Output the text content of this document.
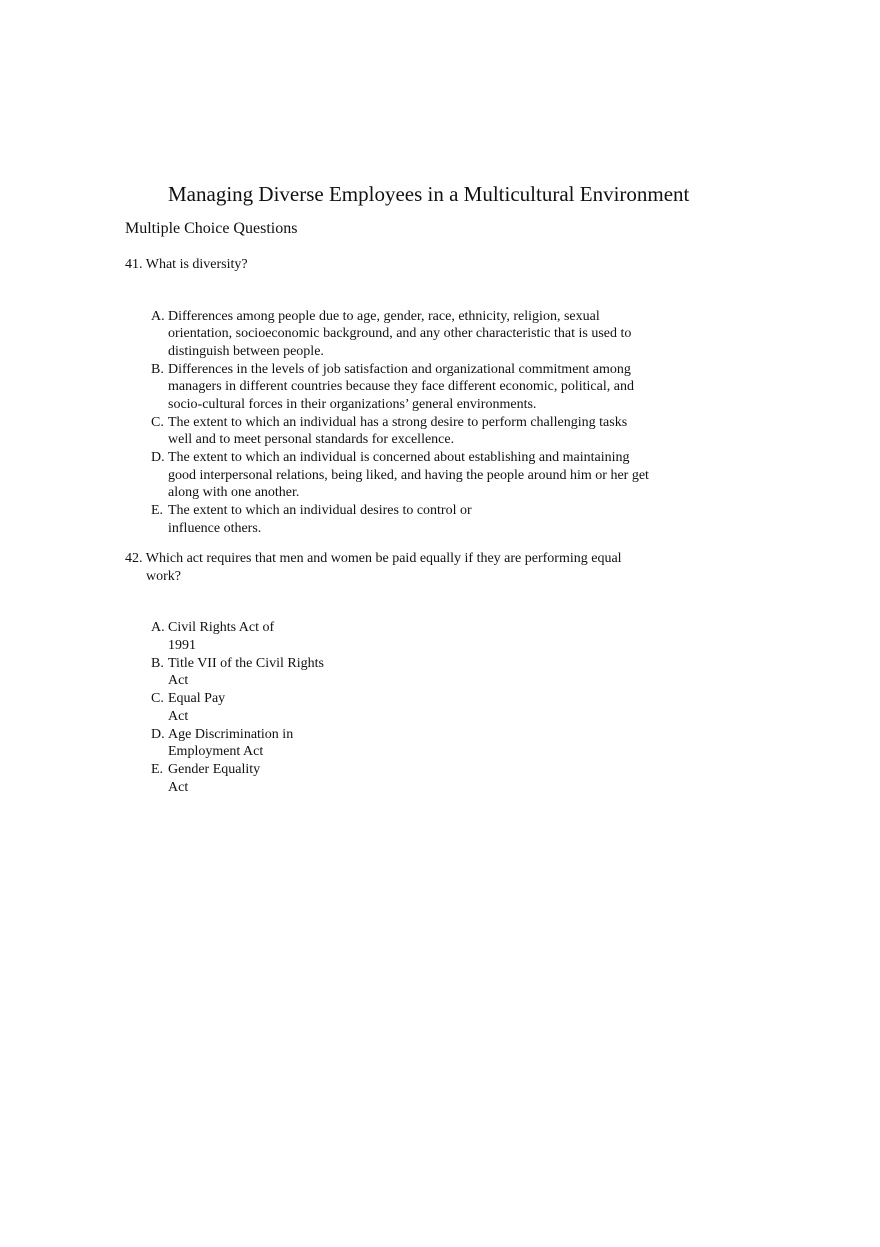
Managing Diverse Employees in a Multicultural Environment
Multiple Choice Questions

41. What is diversity?

A. Differences among people due to age, gender, race, ethnicity, religion, sexual orientation, socioeconomic background, and any other characteristic that is used to distinguish between people.
B. Differences in the levels of job satisfaction and organizational commitment among managers in different countries because they face different economic, political, and socio-cultural forces in their organizations’ general environments.
C. The extent to which an individual has a strong desire to perform challenging tasks well and to meet personal standards for excellence.
D. The extent to which an individual is concerned about establishing and maintaining good interpersonal relations, being liked, and having the people around him or her get along with one another.
E. The extent to which an individual desires to control or influence others.

42. Which act requires that men and women be paid equally if they are performing equal work?

A. Civil Rights Act of 1991
B. Title VII of the Civil Rights Act
C. Equal Pay Act
D. Age Discrimination in Employment Act
E. Gender Equality Act
